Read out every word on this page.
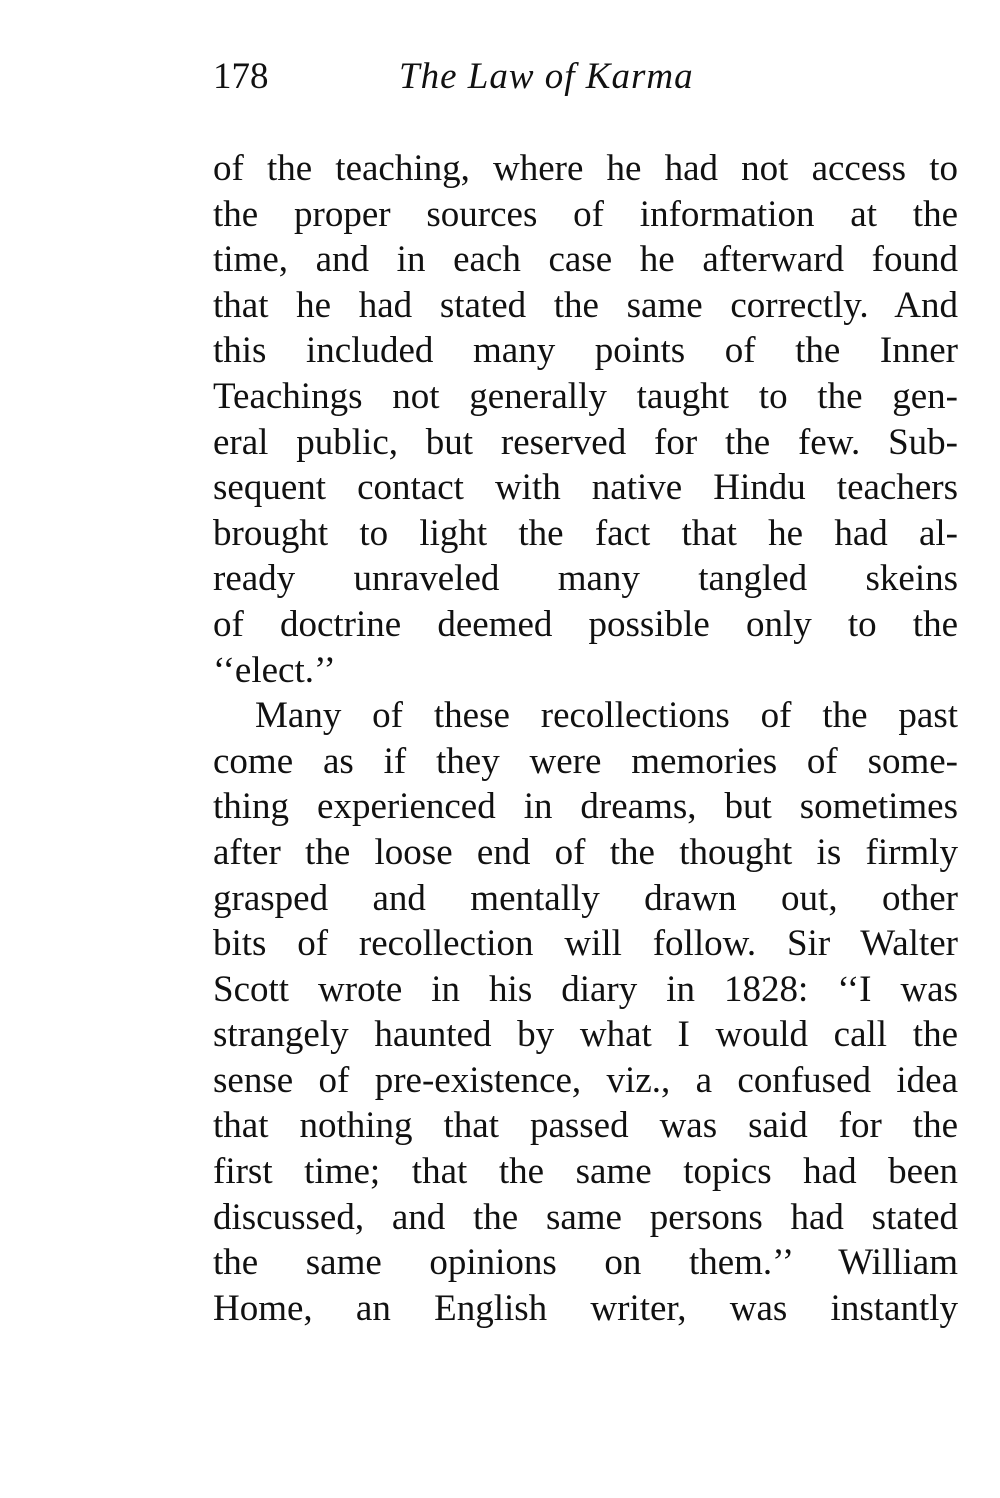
178	The Law of Karma
of the teaching, where he had not access to
the proper sources of information at the
time, and in each case he afterward found
that he had stated the same correctly. And
this included many points of the Inner
Teachings not generally taught to the gen-
eral public, but reserved for the few. Sub-
sequent contact with native Hindu teachers
brought to light the fact that he had al-
ready unraveled many tangled skeins
of doctrine deemed possible only to the
‘‘elect.’’
Many of these recollections of the past
come as if they were memories of some-
thing experienced in dreams, but sometimes
after the loose end of the thought is firmly
grasped and mentally drawn out, other
bits of recollection will follow. Sir Walter
Scott wrote in his diary in 1828: ‘‘I was
strangely haunted by what I would call the
sense of pre-existence, viz., a confused idea
that nothing that passed was said for the
first time; that the same topics had been
discussed, and the same persons had stated
the same opinions on them.’’ William
Home, an English writer, was instantly
